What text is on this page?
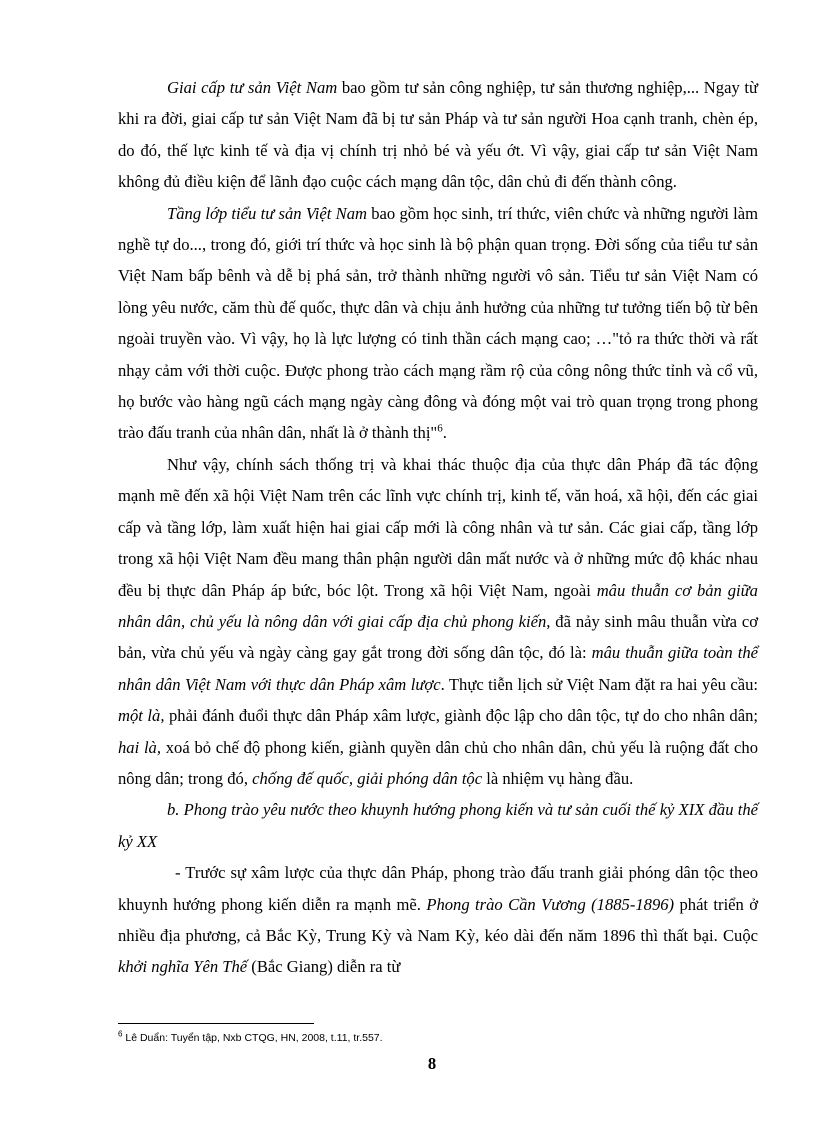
Giai cấp tư sản Việt Nam bao gồm tư sản công nghiệp, tư sản thương nghiệp,... Ngay từ khi ra đời, giai cấp tư sản Việt Nam đã bị tư sản Pháp và tư sản người Hoa cạnh tranh, chèn ép, do đó, thế lực kinh tế và địa vị chính trị nhỏ bé và yếu ớt. Vì vậy, giai cấp tư sản Việt Nam không đủ điều kiện để lãnh đạo cuộc cách mạng dân tộc, dân chủ đi đến thành công.

Tầng lớp tiểu tư sản Việt Nam bao gồm học sinh, trí thức, viên chức và những người làm nghề tự do..., trong đó, giới trí thức và học sinh là bộ phận quan trọng. Đời sống của tiểu tư sản Việt Nam bấp bênh và dễ bị phá sản, trở thành những người vô sản. Tiểu tư sản Việt Nam có lòng yêu nước, căm thù đế quốc, thực dân và chịu ảnh hưởng của những tư tưởng tiến bộ từ bên ngoài truyền vào. Vì vậy, họ là lực lượng có tinh thần cách mạng cao; …"tỏ ra thức thời và rất nhạy cảm với thời cuộc. Được phong trào cách mạng rầm rộ của công nông thức tỉnh và cổ vũ, họ bước vào hàng ngũ cách mạng ngày càng đông và đóng một vai trò quan trọng trong phong trào đấu tranh của nhân dân, nhất là ở thành thị"$^6$.

Như vậy, chính sách thống trị và khai thác thuộc địa của thực dân Pháp đã tác động mạnh mẽ đến xã hội Việt Nam trên các lĩnh vực chính trị, kinh tế, văn hoá, xã hội, đến các giai cấp và tầng lớp, làm xuất hiện hai giai cấp mới là công nhân và tư sản. Các giai cấp, tầng lớp trong xã hội Việt Nam đều mang thân phận người dân mất nước và ở những mức độ khác nhau đều bị thực dân Pháp áp bức, bóc lột. Trong xã hội Việt Nam, ngoài mâu thuẫn cơ bản giữa nhân dân, chủ yếu là nông dân với giai cấp địa chủ phong kiến, đã nảy sinh mâu thuẫn vừa cơ bản, vừa chủ yếu và ngày càng gay gắt trong đời sống dân tộc, đó là: mâu thuẫn giữa toàn thể nhân dân Việt Nam với thực dân Pháp xâm lược. Thực tiễn lịch sử Việt Nam đặt ra hai yêu cầu: một là, phải đánh đuổi thực dân Pháp xâm lược, giành độc lập cho dân tộc, tự do cho nhân dân; hai là, xoá bỏ chế độ phong kiến, giành quyền dân chủ cho nhân dân, chủ yếu là ruộng đất cho nông dân; trong đó, chống đế quốc, giải phóng dân tộc là nhiệm vụ hàng đầu.

b. Phong trào yêu nước theo khuynh hướng phong kiến và tư sản cuối thế kỷ XIX đầu thế kỷ XX

- Trước sự xâm lược của thực dân Pháp, phong trào đấu tranh giải phóng dân tộc theo khuynh hướng phong kiến diễn ra mạnh mẽ. Phong trào Cần Vương (1885-1896) phát triển ở nhiều địa phương, cả Bắc Kỳ, Trung Kỳ và Nam Kỳ, kéo dài đến năm 1896 thì thất bại. Cuộc khởi nghĩa Yên Thế (Bắc Giang) diễn ra từ

$^6$ Lê Duẩn: Tuyển tập, Nxb CTQG, HN, 2008, t.11, tr.557.
8
